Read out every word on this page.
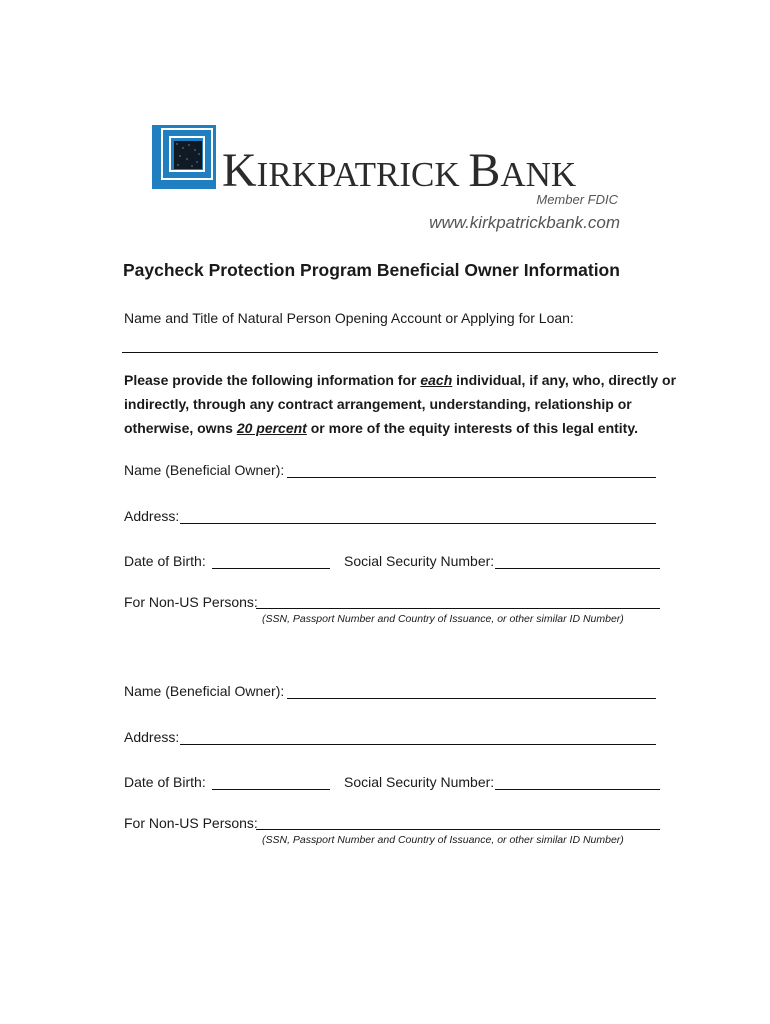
KIRKPATRICK BANK
Member FDIC
www.kirkpatrickbank.com
Paycheck Protection Program Beneficial Owner Information
Name and Title of Natural Person Opening Account or Applying for Loan:
Please provide the following information for each individual, if any, who, directly or indirectly, through any contract arrangement, understanding, relationship or otherwise, owns 20 percent or more of the equity interests of this legal entity.
Name (Beneficial Owner):
Address:
Date of Birth:	Social Security Number:
For Non-US Persons:
(SSN, Passport Number and Country of Issuance, or other similar ID Number)
Name (Beneficial Owner):
Address:
Date of Birth:	Social Security Number:
For Non-US Persons:
(SSN, Passport Number and Country of Issuance, or other similar ID Number)
